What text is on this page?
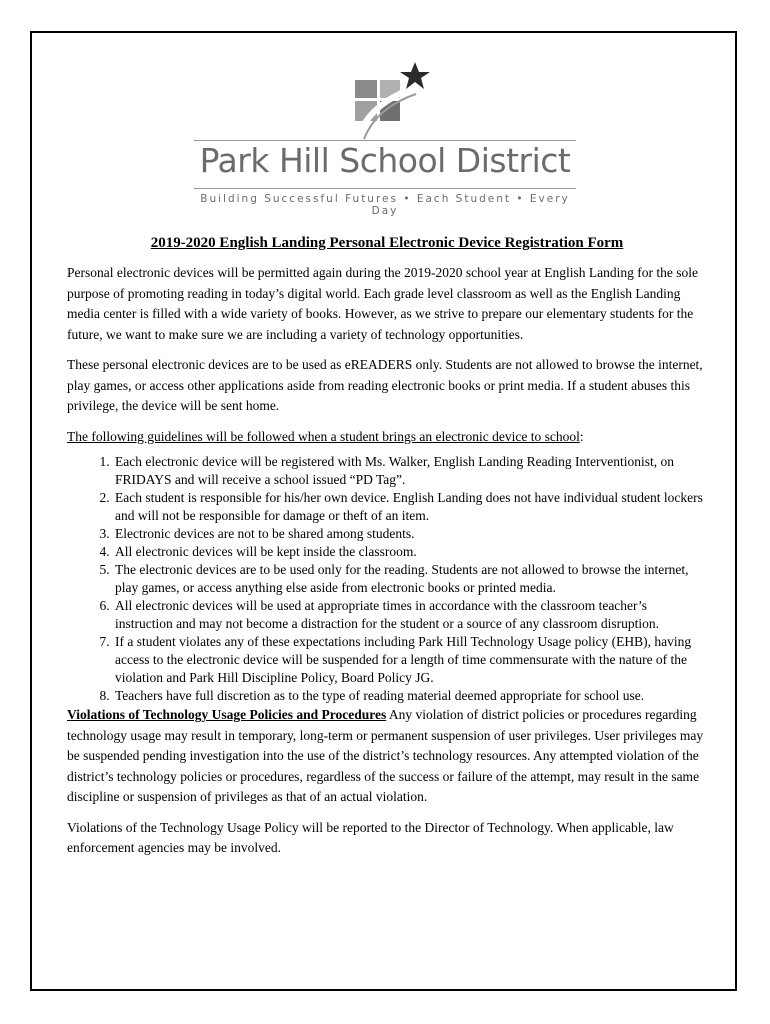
Park Hill School District
Building Successful Futures • Each Student • Every Day
2019-2020 English Landing Personal Electronic Device Registration Form

Personal electronic devices will be permitted again during the 2019-2020 school year at English Landing for the sole purpose of promoting reading in today’s digital world. Each grade level classroom as well as the English Landing media center is filled with a wide variety of books. However, as we strive to prepare our elementary students for the future, we want to make sure we are including a variety of technology opportunities.

These personal electronic devices are to be used as eREADERS only. Students are not allowed to browse the internet, play games, or access other applications aside from reading electronic books or print media. If a student abuses this privilege, the device will be sent home.

The following guidelines will be followed when a student brings an electronic device to school:
1. Each electronic device will be registered with Ms. Walker, English Landing Reading Interventionist, on FRIDAYS and will receive a school issued “PD Tag”.
2. Each student is responsible for his/her own device. English Landing does not have individual student lockers and will not be responsible for damage or theft of an item.
3. Electronic devices are not to be shared among students.
4. All electronic devices will be kept inside the classroom.
5. The electronic devices are to be used only for the reading. Students are not allowed to browse the internet, play games, or access anything else aside from electronic books or printed media.
6. All electronic devices will be used at appropriate times in accordance with the classroom teacher’s instruction and may not become a distraction for the student or a source of any classroom disruption.
7. If a student violates any of these expectations including Park Hill Technology Usage policy (EHB), having access to the electronic device will be suspended for a length of time commensurate with the nature of the violation and Park Hill Discipline Policy, Board Policy JG.
8. Teachers have full discretion as to the type of reading material deemed appropriate for school use.

Violations of Technology Usage Policies and Procedures Any violation of district policies or procedures regarding technology usage may result in temporary, long-term or permanent suspension of user privileges. User privileges may be suspended pending investigation into the use of the district’s technology resources. Any attempted violation of the district’s technology policies or procedures, regardless of the success or failure of the attempt, may result in the same discipline or suspension of privileges as that of an actual violation.

Violations of the Technology Usage Policy will be reported to the Director of Technology. When applicable, law enforcement agencies may be involved.
